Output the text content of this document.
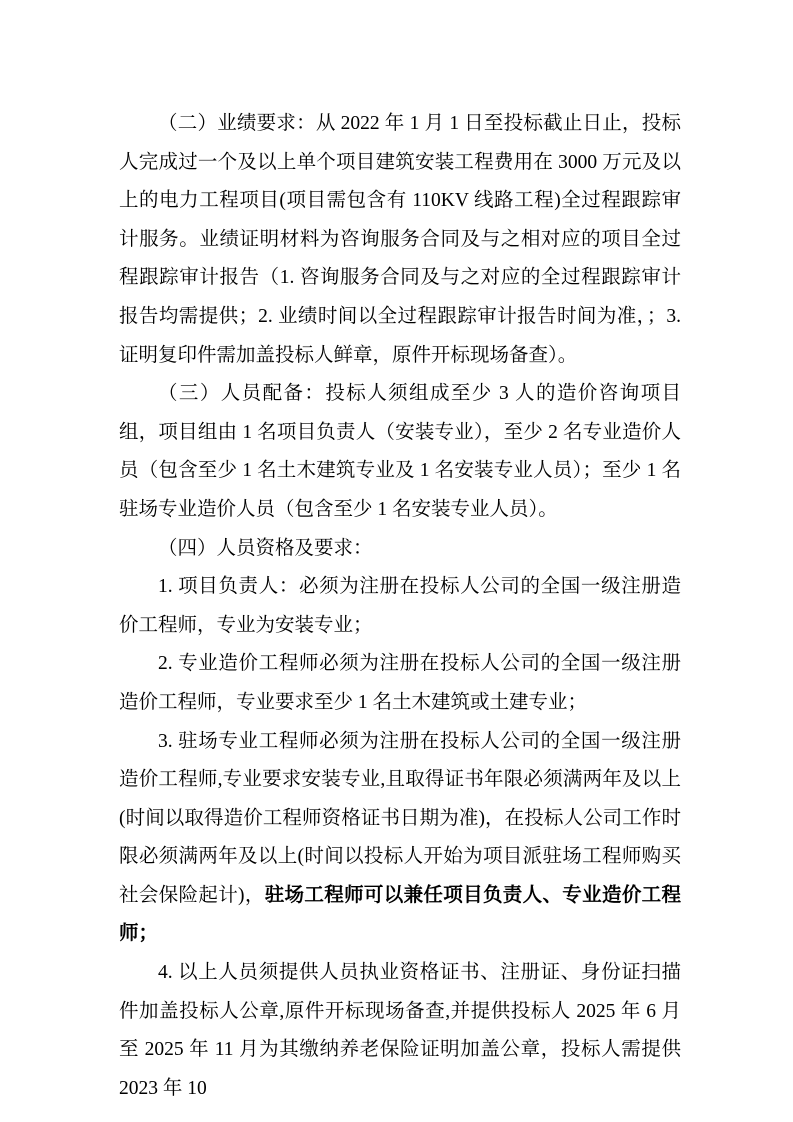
（二）业绩要求：从 2022 年 1 月 1 日至投标截止日止，投标人完成过一个及以上单个项目建筑安装工程费用在 3000 万元及以上的电力工程项目(项目需包含有 110KV 线路工程)全过程跟踪审计服务。业绩证明材料为咨询服务合同及与之相对应的项目全过程跟踪审计报告（1. 咨询服务合同及与之对应的全过程跟踪审计报告均需提供；2. 业绩时间以全过程跟踪审计报告时间为准，；3. 证明复印件需加盖投标人鲜章，原件开标现场备查）。

（三）人员配备：投标人须组成至少 3 人的造价咨询项目组，项目组由 1 名项目负责人（安装专业），至少 2 名专业造价人员（包含至少 1 名土木建筑专业及 1 名安装专业人员）；至少 1 名驻场专业造价人员（包含至少 1 名安装专业人员）。

（四）人员资格及要求：

1. 项目负责人：必须为注册在投标人公司的全国一级注册造价工程师，专业为安装专业；

2. 专业造价工程师必须为注册在投标人公司的全国一级注册造价工程师，专业要求至少 1 名土木建筑或土建专业；

3. 驻场专业工程师必须为注册在投标人公司的全国一级注册造价工程师,专业要求安装专业,且取得证书年限必须满两年及以上(时间以取得造价工程师资格证书日期为准)，在投标人公司工作时限必须满两年及以上(时间以投标人开始为项目派驻场工程师购买社会保险起计)，驻场工程师可以兼任项目负责人、专业造价工程师；

4. 以上人员须提供人员执业资格证书、注册证、身份证扫描件加盖投标人公章,原件开标现场备查,并提供投标人 2025 年 6 月至 2025 年 11 月为其缴纳养老保险证明加盖公章，投标人需提供 2023 年 10
